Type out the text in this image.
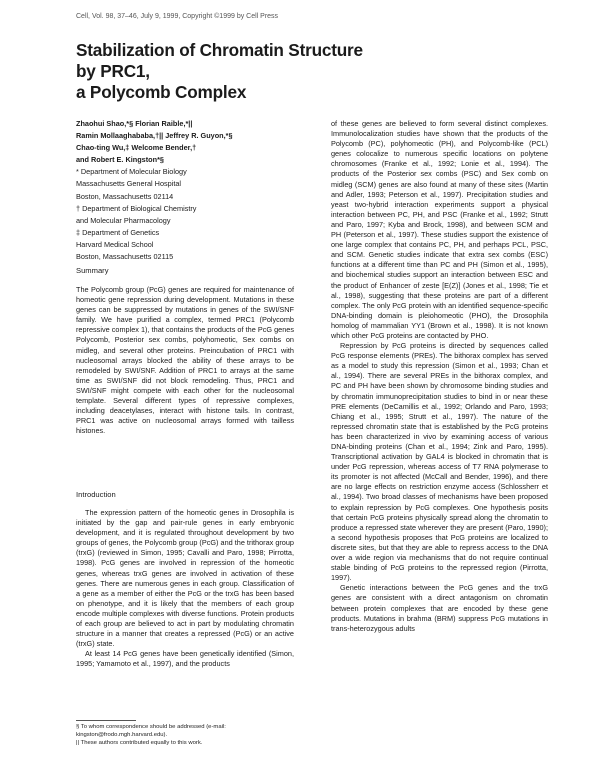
Cell, Vol. 98, 37–46, July 9, 1999, Copyright ©1999 by Cell Press
Stabilization of Chromatin Structure by PRC1,
a Polycomb Complex
Zhaohui Shao,*§ Florian Raible,*||
Ramin Mollaaghababa,†|| Jeffrey R. Guyon,*§
Chao-ting Wu,‡ Welcome Bender,†
and Robert E. Kingston*§
* Department of Molecular Biology
Massachusetts General Hospital
Boston, Massachusetts 02114
† Department of Biological Chemistry
and Molecular Pharmacology
‡ Department of Genetics
Harvard Medical School
Boston, Massachusetts 02115
Summary

The Polycomb group (PcG) genes are required for maintenance of homeotic gene repression during development. Mutations in these genes can be suppressed by mutations in genes of the SWI/SNF family. We have purified a complex, termed PRC1 (Polycomb repressive complex 1), that contains the products of the PcG genes Polycomb, Posterior sex combs, polyhomeotic, Sex combs on midleg, and several other proteins. Preincubation of PRC1 with nucleosomal arrays blocked the ability of these arrays to be remodeled by SWI/SNF. Addition of PRC1 to arrays at the same time as SWI/SNF did not block remodeling. Thus, PRC1 and SWI/SNF might compete with each other for the nucleosomal template. Several different types of repressive complexes, including deacetylases, interact with histone tails. In contrast, PRC1 was active on nucleosomal arrays formed with tailless histones.

Introduction

The expression pattern of the homeotic genes in Drosophila is initiated by the gap and pair-rule genes in early embryonic development, and it is regulated throughout development by two groups of genes, the Polycomb group (PcG) and the trithorax group (trxG) (reviewed in Simon, 1995; Cavalli and Paro, 1998; Pirrotta, 1998). PcG genes are involved in repression of the homeotic genes, whereas trxG genes are involved in activation of these genes. There are numerous genes in each group. Classification of a gene as a member of either the PcG or the trxG has been based on phenotype, and it is likely that the members of each group encode multiple complexes with diverse functions. Protein products of each group are believed to act in part by modulating chromatin structure in a manner that creates a repressed (PcG) or an active (trxG) state.

At least 14 PcG genes have been genetically identified (Simon, 1995; Yamamoto et al., 1997), and the products

§ To whom correspondence should be addressed (e-mail: kingston@frodo.mgh.harvard.edu).

|| These authors contributed equally to this work.

of these genes are believed to form several distinct complexes. Immunolocalization studies have shown that the products of the Polycomb (PC), polyhomeotic (PH), and Polycomb-like (PCL) genes colocalize to numerous specific locations on polytene chromosomes (Franke et al., 1992; Lonie et al., 1994). The products of the Posterior sex combs (PSC) and Sex comb on midleg (SCM) genes are also found at many of these sites (Martin and Adler, 1993; Peterson et al., 1997). Precipitation studies and yeast two-hybrid interaction experiments support a physical interaction between PC, PH, and PSC (Franke et al., 1992; Strutt and Paro, 1997; Kyba and Brock, 1998), and between SCM and PH (Peterson et al., 1997). These studies support the existence of one large complex that contains PC, PH, and perhaps PCL, PSC, and SCM. Genetic studies indicate that extra sex combs (ESC) functions at a different time than PC and PH (Simon et al., 1995), and biochemical studies support an interaction between ESC and the product of Enhancer of zeste [E(Z)] (Jones et al., 1998; Tie et al., 1998), suggesting that these proteins are part of a different complex. The only PcG protein with an identified sequence-specific DNA-binding domain is pleiohomeotic (PHO), the Drosophila homolog of mammalian YY1 (Brown et al., 1998). It is not known which other PcG proteins are contacted by PHO.

Repression by PcG proteins is directed by sequences called PcG response elements (PREs). The bithorax complex has served as a model to study this repression (Simon et al., 1993; Chan et al., 1994). There are several PREs in the bithorax complex, and PC and PH have been shown by chromosome binding studies and by chromatin immunoprecipitation studies to bind in or near these PRE elements (DeCamillis et al., 1992; Orlando and Paro, 1993; Chiang et al., 1995; Strutt et al., 1997). The nature of the repressed chromatin state that is established by the PcG proteins has been characterized in vivo by examining access of various DNA-binding proteins (Chan et al., 1994; Zink and Paro, 1995). Transcriptional activation by GAL4 is blocked in chromatin that is under PcG repression, whereas access of T7 RNA polymerase to its promoter is not affected (McCall and Bender, 1996), and there are no large effects on restriction enzyme access (Schlossherr et al., 1994). Two broad classes of mechanisms have been proposed to explain repression by PcG complexes. One hypothesis posits that certain PcG proteins physically spread along the chromatin to produce a repressed state wherever they are present (Paro, 1990); a second hypothesis proposes that PcG proteins are localized to discrete sites, but that they are able to repress access to the DNA over a wide region via mechanisms that do not require continual stable binding of PcG proteins to the repressed region (Pirrotta, 1997).

Genetic interactions between the PcG genes and the trxG genes are consistent with a direct antagonism on chromatin between protein complexes that are encoded by these gene products. Mutations in brahma (BRM) suppress PcG mutations in trans-heterozygous adults
